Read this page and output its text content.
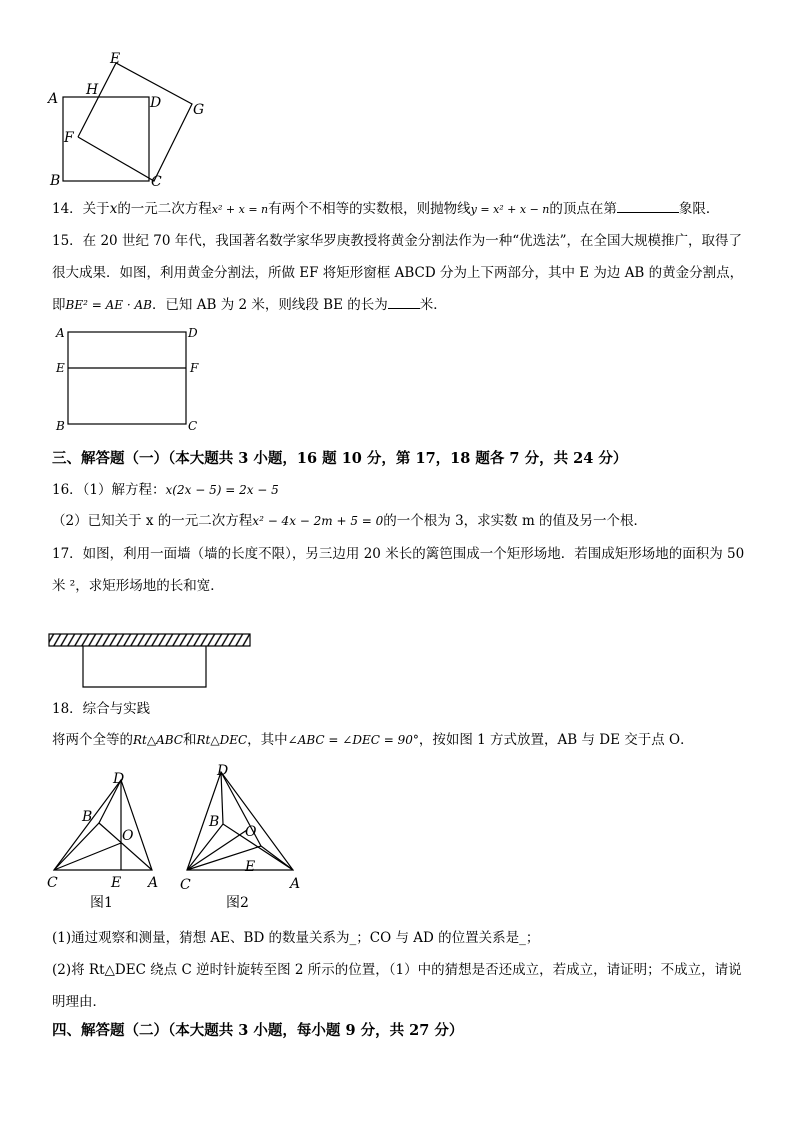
E
A
H
D G
F
B	C
14．关于x的一元二次方程x² + x = n有两个不相等的实数根，则抛物线y = x² + x − n的顶点在第	象限．
15．在 20 世纪 70 年代，我国著名数学家华罗庚教授将黄金分割法作为一种“优选法”，在全国大规模推广，取得了
很大成果．如图，利用黄金分割法，所做 EF 将矩形窗框 ABCD 分为上下两部分，其中 E 为边 AB 的黄金分割点，
即BE² = AE · AB．已知 AB 为 2 米，则线段 BE 的长为 米．
A	D
E	F
B	C
三、解答题（一）（本大题共 3 小题，16 题 10 分，第 17，18 题各 7 分，共 24 分）
16．（1）解方程：x(2x − 5) = 2x − 5
（2）已知关于 x 的一元二次方程x² − 4x − 2m + 5 = 0的一个根为 3，求实数 m 的值及另一个根．
17．如图，利用一面墙（墙的长度不限），另三边用 20 米长的篱笆围成一个矩形场地．若围成矩形场地的面积为 50
米 ²，求矩形场地的长和宽．
18．综合与实践
将两个全等的Rt△ABC和Rt△DEC，其中∠ABC = ∠DEC = 90°，按如图 1 方式放置，AB 与 DE 交于点 O．
D
B
O
C	E A
图1
D
B
O
E
C	A
图2
(1)通过观察和测量，猜想 AE、BD 的数量关系为_；CO 与 AD 的位置关系是_；
(2)将 Rt△DEC 绕点 C 逆时针旋转至图 2 所示的位置，（1）中的猜想是否还成立，若成立，请证明；不成立，请说
明理由．
四、解答题（二）（本大题共 3 小题，每小题 9 分，共 27 分）
